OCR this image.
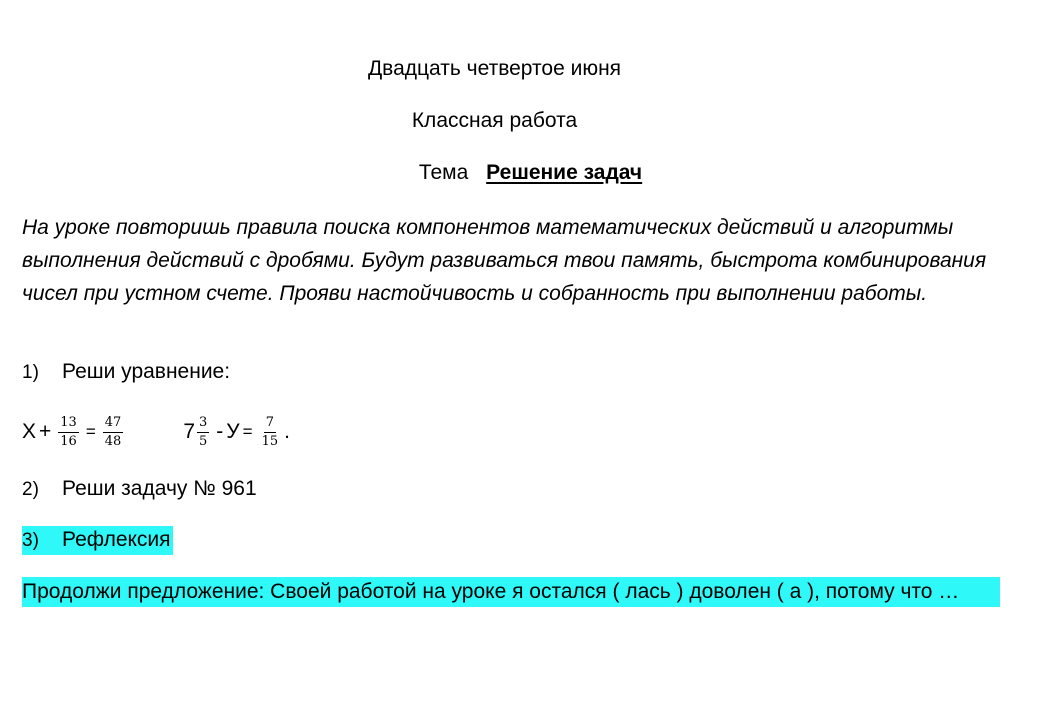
Двадцать четвертое июня
Классная работа
Тема Решение задач

На уроке повторишь правила поиска компонентов математических действий и алгоритмы выполнения действий с дробями. Будут развиваться твои память, быстрота комбинирования чисел при устном счете. Прояви настойчивость и собранность при выполнении работы.

1) Реши уравнение:
$Х + \frac{13}{16} = \frac{47}{48}$	$7 \frac{3}{5} - У = \frac{7}{15}$ .
2) Реши задачу № 961
3) Рефлексия
Продолжи предложение: Своей работой на уроке я остался ( лась ) доволен ( а ), потому что …
